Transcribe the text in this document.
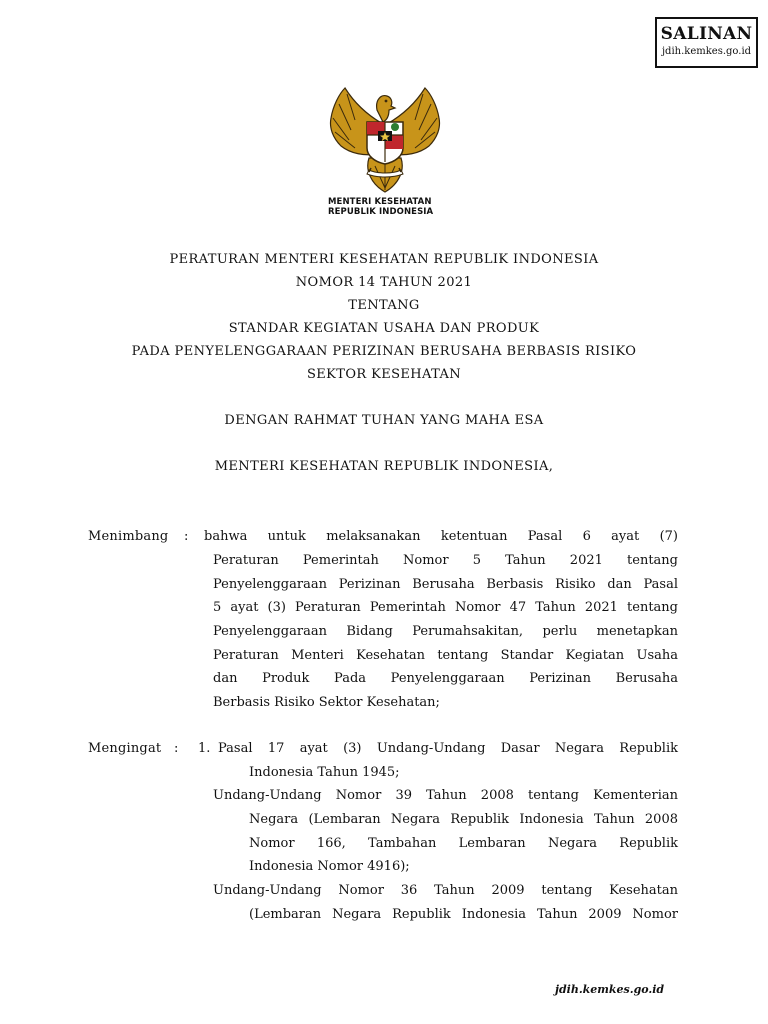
SALINAN
jdih.kemkes.go.id
MENTERI KESEHATAN
REPUBLIK INDONESIA
PERATURAN MENTERI KESEHATAN REPUBLIK INDONESIA
NOMOR 14 TAHUN 2021
TENTANG
STANDAR KEGIATAN USAHA DAN PRODUK
PADA PENYELENGGARAAN PERIZINAN BERUSAHA BERBASIS RISIKO
SEKTOR KESEHATAN
DENGAN RAHMAT TUHAN YANG MAHA ESA
MENTERI KESEHATAN REPUBLIK INDONESIA,
Menimbang : bahwa untuk melaksanakan ketentuan Pasal 6 ayat (7)
Peraturan Pemerintah Nomor 5 Tahun 2021 tentang
Penyelenggaraan Perizinan Berusaha Berbasis Risiko dan Pasal
5 ayat (3) Peraturan Pemerintah Nomor 47 Tahun 2021 tentang
Penyelenggaraan Bidang Perumahsakitan, perlu menetapkan
Peraturan Menteri Kesehatan tentang Standar Kegiatan Usaha
dan Produk Pada Penyelenggaraan Perizinan Berusaha
Berbasis Risiko Sektor Kesehatan;
Mengingat : 1. Pasal 17 ayat (3) Undang-Undang Dasar Negara Republik
Indonesia Tahun 1945;
Undang-Undang Nomor 39 Tahun 2008 tentang Kementerian
Negara (Lembaran Negara Republik Indonesia Tahun 2008
Nomor 166, Tambahan Lembaran Negara Republik
Indonesia Nomor 4916);
Undang-Undang Nomor 36 Tahun 2009 tentang Kesehatan
(Lembaran Negara Republik Indonesia Tahun 2009 Nomor
jdih.kemkes.go.id
